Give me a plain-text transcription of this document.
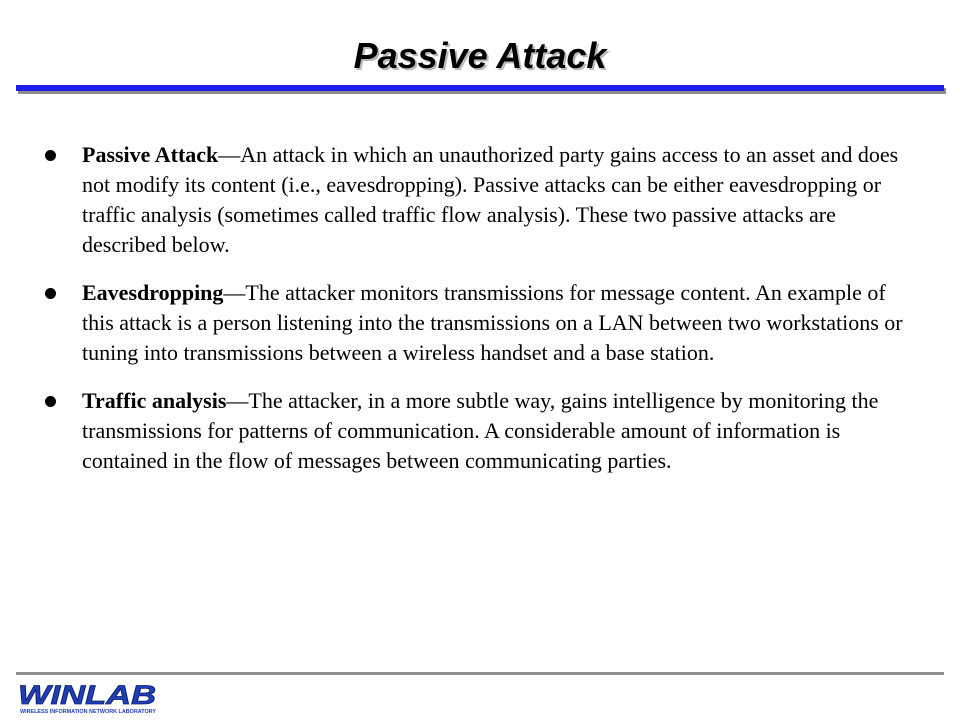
Passive Attack
Passive Attack—An attack in which an unauthorized party gains access to an asset and does not modify its content (i.e., eavesdropping). Passive attacks can be either eavesdropping or traffic analysis (sometimes called traffic flow analysis). These two passive attacks are described below.
Eavesdropping—The attacker monitors transmissions for message content. An example of this attack is a person listening into the transmissions on a LAN between two workstations or tuning into transmissions between a wireless handset and a base station.
Traffic analysis—The attacker, in a more subtle way, gains intelligence by monitoring the transmissions for patterns of communication. A considerable amount of information is contained in the flow of messages between communicating parties.
WINLAB
WIRELESS INFORMATION NETWORK LABORATORY
